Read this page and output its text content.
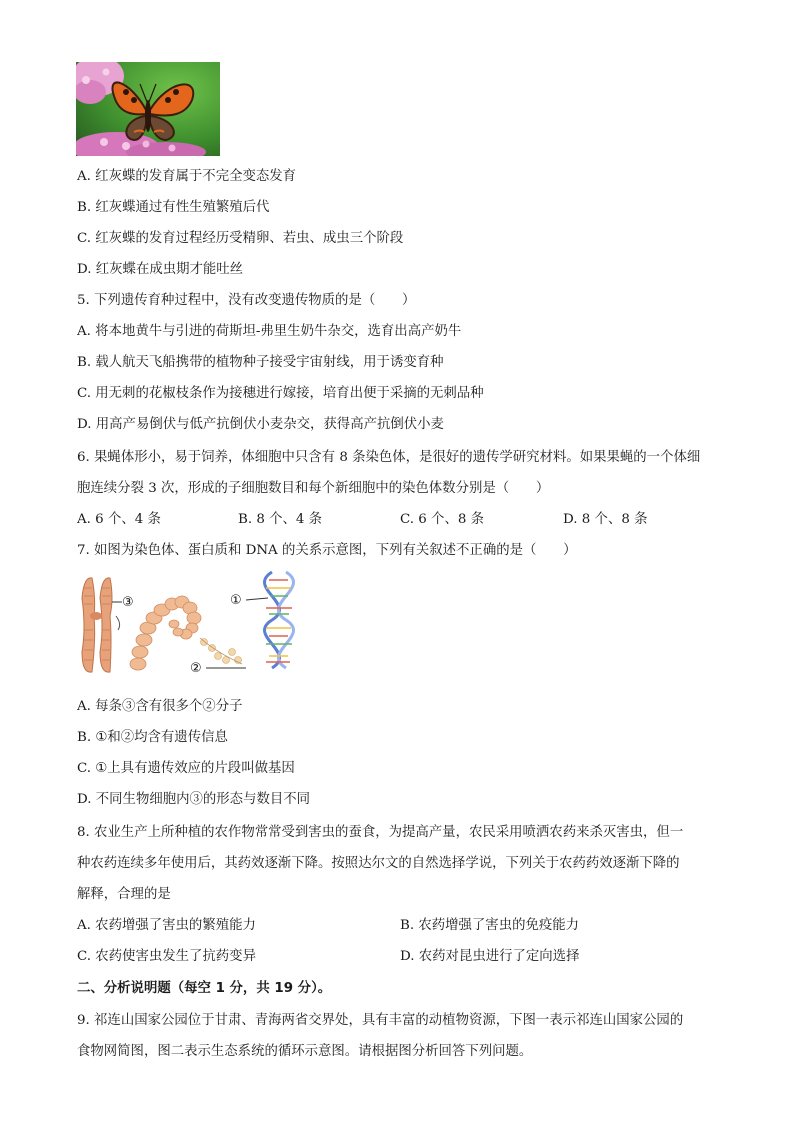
A. 红灰蝶的发育属于不完全变态发育
B. 红灰蝶通过有性生殖繁殖后代
C. 红灰蝶的发育过程经历受精卵、若虫、成虫三个阶段
D. 红灰蝶在成虫期才能吐丝
5. 下列遗传育种过程中，没有改变遗传物质的是（　　）
A. 将本地黄牛与引进的荷斯坦-弗里生奶牛杂交，选育出高产奶牛
B. 载人航天飞船携带的植物种子接受宇宙射线，用于诱变育种
C. 用无刺的花椒枝条作为接穗进行嫁接，培育出便于采摘的无刺品种
D. 用高产易倒伏与低产抗倒伏小麦杂交，获得高产抗倒伏小麦
6. 果蝇体形小，易于饲养，体细胞中只含有 8 条染色体，是很好的遗传学研究材料。如果果蝇的一个体细
胞连续分裂 3 次，形成的子细胞数目和每个新细胞中的染色体数分别是（　　）
A. 6 个、4 条	B. 8 个、4 条	C. 6 个、8 条	D. 8 个、8 条
7. 如图为染色体、蛋白质和 DNA 的关系示意图，下列有关叙述不正确的是（　　）
③	①
②
A. 每条③含有很多个②分子
B. ①和②均含有遗传信息
C. ①上具有遗传效应的片段叫做基因
D. 不同生物细胞内③的形态与数目不同
8. 农业生产上所种植的农作物常常受到害虫的蚕食，为提高产量，农民采用喷洒农药来杀灭害虫，但一
种农药连续多年使用后，其药效逐渐下降。按照达尔文的自然选择学说，下列关于农药药效逐渐下降的
解释，合理的是
A. 农药增强了害虫的繁殖能力	B. 农药增强了害虫的免疫能力
C. 农药使害虫发生了抗药变异	D. 农药对昆虫进行了定向选择
二、分析说明题（每空 1 分，共 19 分）。
9. 祁连山国家公园位于甘肃、青海两省交界处，具有丰富的动植物资源，下图一表示祁连山国家公园的
食物网简图，图二表示生态系统的循环示意图。请根据图分析回答下列问题。
